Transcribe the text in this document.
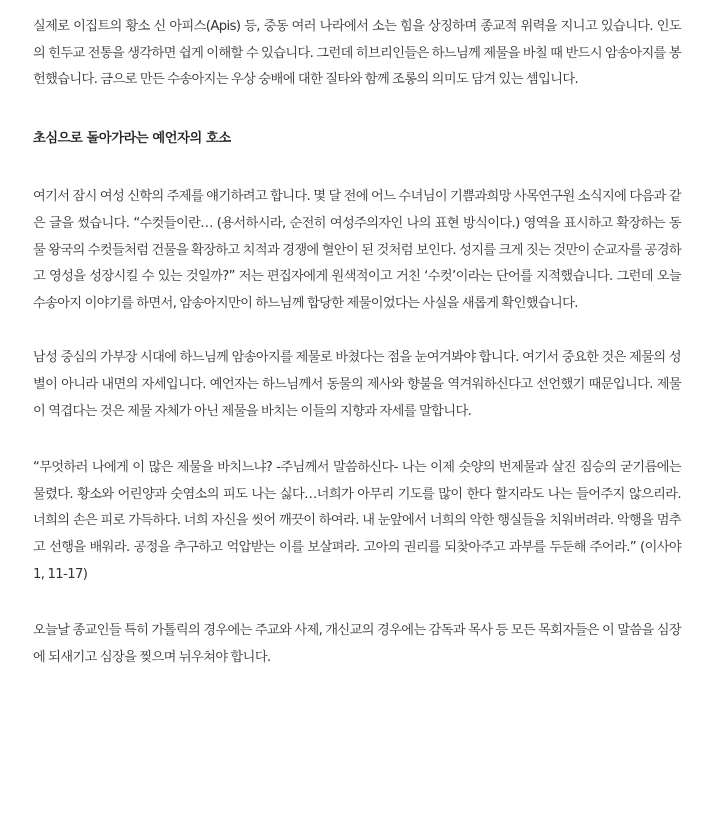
실제로 이집트의 황소 신 아피스(Apis) 등, 중동 여러 나라에서 소는 힘을 상징하며 종교적 위력을 지니고 있습니다. 인도의 힌두교 전통을 생각하면 쉽게 이해할 수 있습니다. 그런데 히브리인들은 하느님께 제물을 바칠 때 반드시 암송아지를 봉헌했습니다. 금으로 만든 수송아지는 우상 숭배에 대한 질타와 함께 조롱의 의미도 담겨 있는 셈입니다.

초심으로 돌아가라는 예언자의 호소

여기서 잠시 여성 신학의 주제를 얘기하려고 합니다. 몇 달 전에 어느 수녀님이 기쁨과희망 사목연구원 소식지에 다음과 같은 글을 썼습니다. “수컷들이란… (용서하시라, 순전히 여성주의자인 나의 표현 방식이다.) 영역을 표시하고 확장하는 동물 왕국의 수컷들처럼 건물을 확장하고 치적과 경쟁에 혈안이 된 것처럼 보인다. 성지를 크게 짓는 것만이 순교자를 공경하고 영성을 성장시킬 수 있는 것일까?” 저는 편집자에게 원색적이고 거친 ‘수컷’이라는 단어를 지적했습니다. 그런데 오늘 수송아지 이야기를 하면서, 암송아지만이 하느님께 합당한 제물이었다는 사실을 새롭게 확인했습니다.

남성 중심의 가부장 시대에 하느님께 암송아지를 제물로 바쳤다는 점을 눈여겨봐야 합니다. 여기서 중요한 것은 제물의 성별이 아니라 내면의 자세입니다. 예언자는 하느님께서 동물의 제사와 향불을 역겨워하신다고 선언했기 때문입니다. 제물이 역겹다는 것은 제물 자체가 아닌 제물을 바치는 이들의 지향과 자세를 말합니다.

“무엇하러 나에게 이 많은 제물을 바치느냐? -주님께서 말씀하신다- 나는 이제 숫양의 번제물과 살진 짐승의 굳기름에는 물렸다. 황소와 어린양과 숫염소의 피도 나는 싫다…너희가 아무리 기도를 많이 한다 할지라도 나는 들어주지 않으리라. 너희의 손은 피로 가득하다. 너희 자신을 씻어 깨끗이 하여라. 내 눈앞에서 너희의 악한 행실들을 치워버려라. 악행을 멈추고 선행을 배워라. 공정을 추구하고 억압받는 이를 보살펴라. 고아의 권리를 되찾아주고 과부를 두둔해 주어라.” (이사야 1, 11-17)

오늘날 종교인들 특히 가톨릭의 경우에는 주교와 사제, 개신교의 경우에는 감독과 목사 등 모든 목회자들은 이 말씀을 심장에 되새기고 심장을 찢으며 뉘우쳐야 합니다.
